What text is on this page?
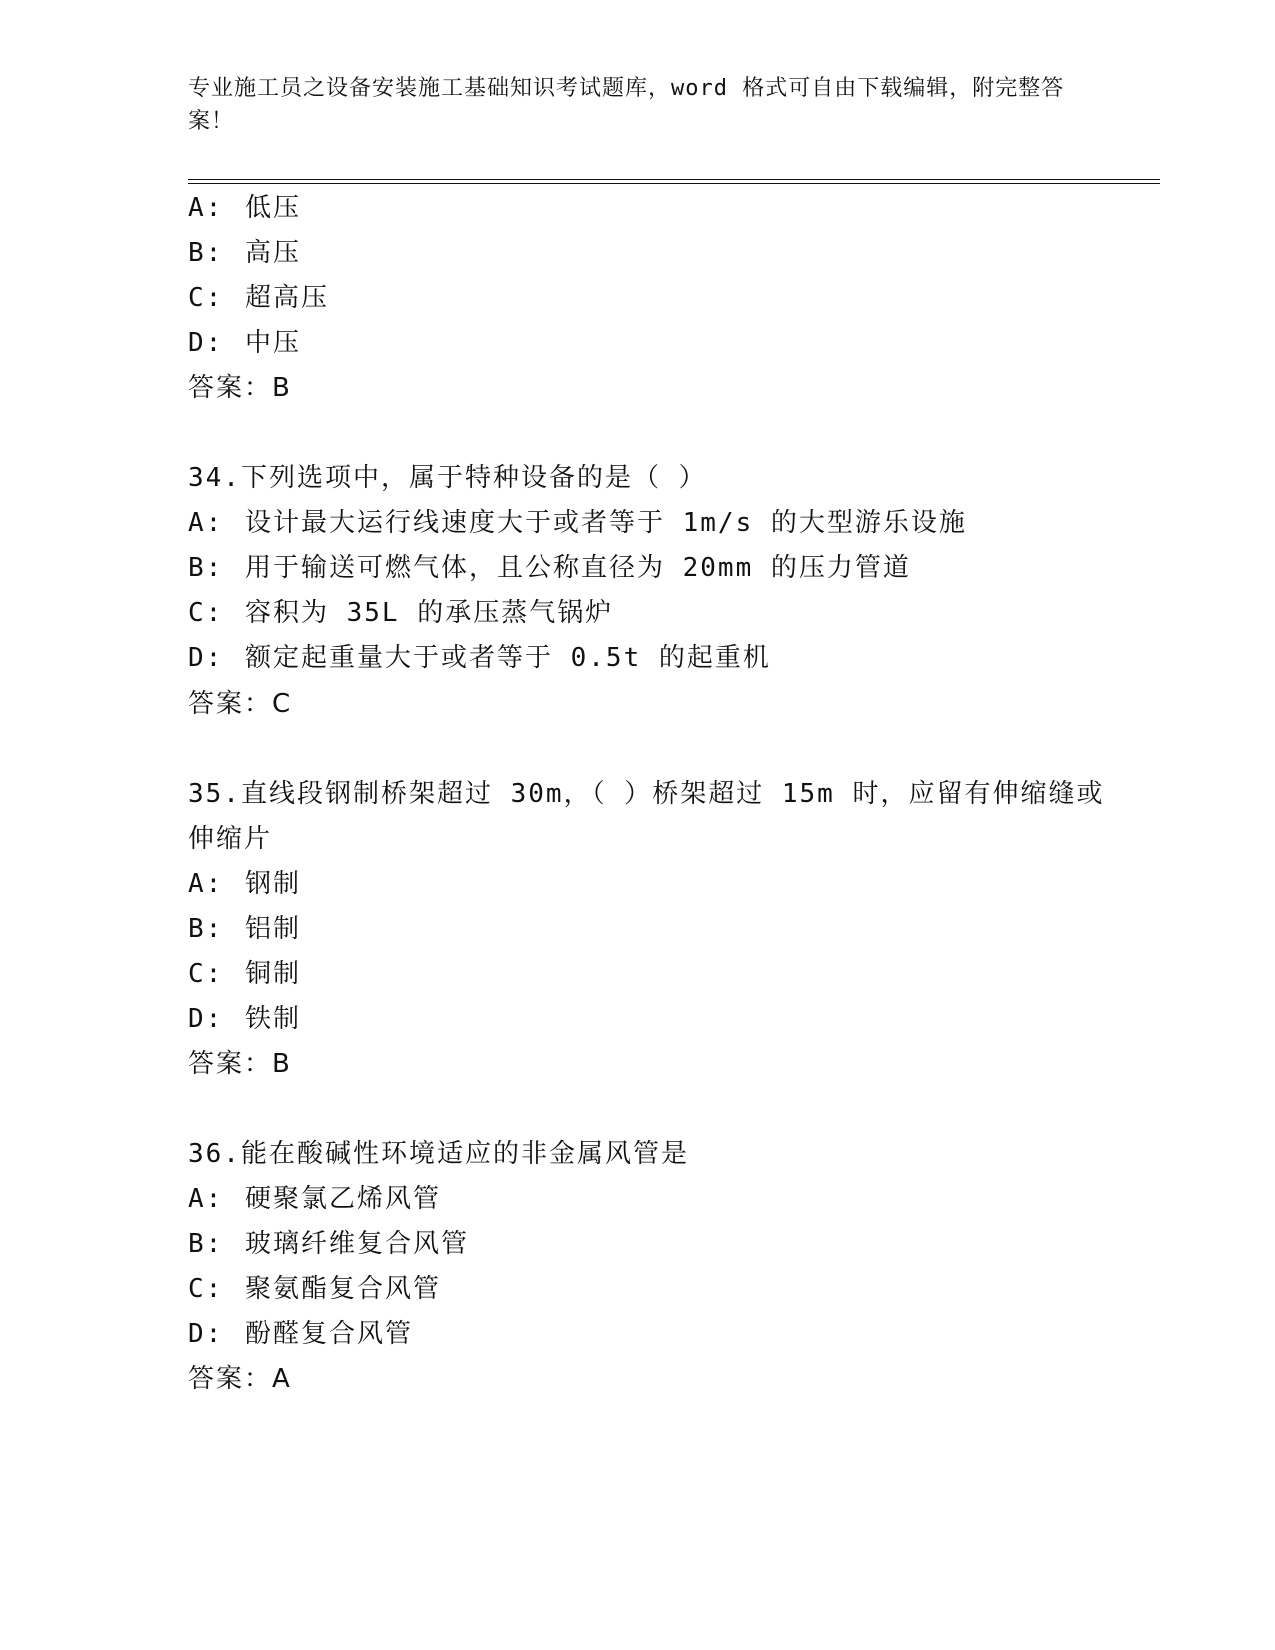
专业施工员之设备安装施工基础知识考试题库，word 格式可自由下载编辑，附完整答案！
A: 低压
B: 高压
C: 超高压
D: 中压
答案：B
34.下列选项中，属于特种设备的是（ ）
A: 设计最大运行线速度大于或者等于 1m/s 的大型游乐设施
B: 用于输送可燃气体，且公称直径为 20mm 的压力管道
C: 容积为 35L 的承压蒸气锅炉
D: 额定起重量大于或者等于 0.5t 的起重机
答案：C
35.直线段钢制桥架超过 30m，（ ）桥架超过 15m 时，应留有伸缩缝或
伸缩片
A: 钢制
B: 铝制
C: 铜制
D: 铁制
答案：B
36.能在酸碱性环境适应的非金属风管是
A: 硬聚氯乙烯风管
B: 玻璃纤维复合风管
C: 聚氨酯复合风管
D: 酚醛复合风管
答案：A
